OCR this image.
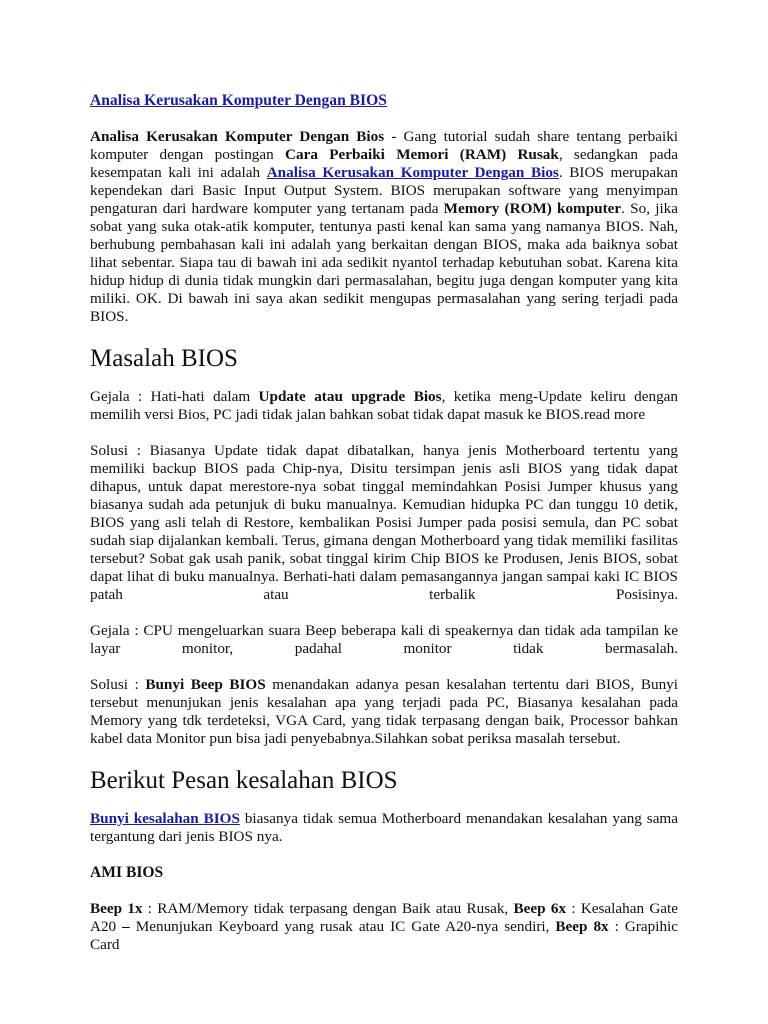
Analisa Kerusakan Komputer Dengan BIOS

Analisa Kerusakan Komputer Dengan Bios - Gang tutorial sudah share tentang perbaiki komputer dengan postingan Cara Perbaiki Memori (RAM) Rusak, sedangkan pada kesempatan kali ini adalah Analisa Kerusakan Komputer Dengan Bios. BIOS merupakan kependekan dari Basic Input Output System. BIOS merupakan software yang menyimpan pengaturan dari hardware komputer yang tertanam pada Memory (ROM) komputer. So, jika sobat yang suka otak-atik komputer, tentunya pasti kenal kan sama yang namanya BIOS. Nah, berhubung pembahasan kali ini adalah yang berkaitan dengan BIOS, maka ada baiknya sobat lihat sebentar. Siapa tau di bawah ini ada sedikit nyantol terhadap kebutuhan sobat. Karena kita hidup hidup di dunia tidak mungkin dari permasalahan, begitu juga dengan komputer yang kita miliki. OK. Di bawah ini saya akan sedikit mengupas permasalahan yang sering terjadi pada BIOS.

Masalah BIOS

Gejala : Hati-hati dalam Update atau upgrade Bios, ketika meng-Update keliru dengan memilih versi Bios, PC jadi tidak jalan bahkan sobat tidak dapat masuk ke BIOS.read more

Solusi : Biasanya Update tidak dapat dibatalkan, hanya jenis Motherboard tertentu yang memiliki backup BIOS pada Chip-nya, Disitu tersimpan jenis asli BIOS yang tidak dapat dihapus, untuk dapat merestore-nya sobat tinggal memindahkan Posisi Jumper khusus yang biasanya sudah ada petunjuk di buku manualnya. Kemudian hidupka PC dan tunggu 10 detik, BIOS yang asli telah di Restore, kembalikan Posisi Jumper pada posisi semula, dan PC sobat sudah siap dijalankan kembali. Terus, gimana dengan Motherboard yang tidak memiliki fasilitas tersebut? Sobat gak usah panik, sobat tinggal kirim Chip BIOS ke Produsen, Jenis BIOS, sobat dapat lihat di buku manualnya. Berhati-hati dalam pemasangannya jangan sampai kaki IC BIOS patah atau terbalik Posisinya.

Gejala : CPU mengeluarkan suara Beep beberapa kali di speakernya dan tidak ada tampilan ke layar monitor, padahal monitor tidak bermasalah.

Solusi : Bunyi Beep BIOS menandakan adanya pesan kesalahan tertentu dari BIOS, Bunyi tersebut menunjukan jenis kesalahan apa yang terjadi pada PC, Biasanya kesalahan pada Memory yang tdk terdeteksi, VGA Card, yang tidak terpasang dengan baik, Processor bahkan kabel data Monitor pun bisa jadi penyebabnya.Silahkan sobat periksa masalah tersebut.

Berikut Pesan kesalahan BIOS

Bunyi kesalahan BIOS biasanya tidak semua Motherboard menandakan kesalahan yang sama tergantung dari jenis BIOS nya.

AMI BIOS

Beep 1x : RAM/Memory tidak terpasang dengan Baik atau Rusak, Beep 6x : Kesalahan Gate A20 – Menunjukan Keyboard yang rusak atau IC Gate A20-nya sendiri, Beep 8x : Grapihic Card
